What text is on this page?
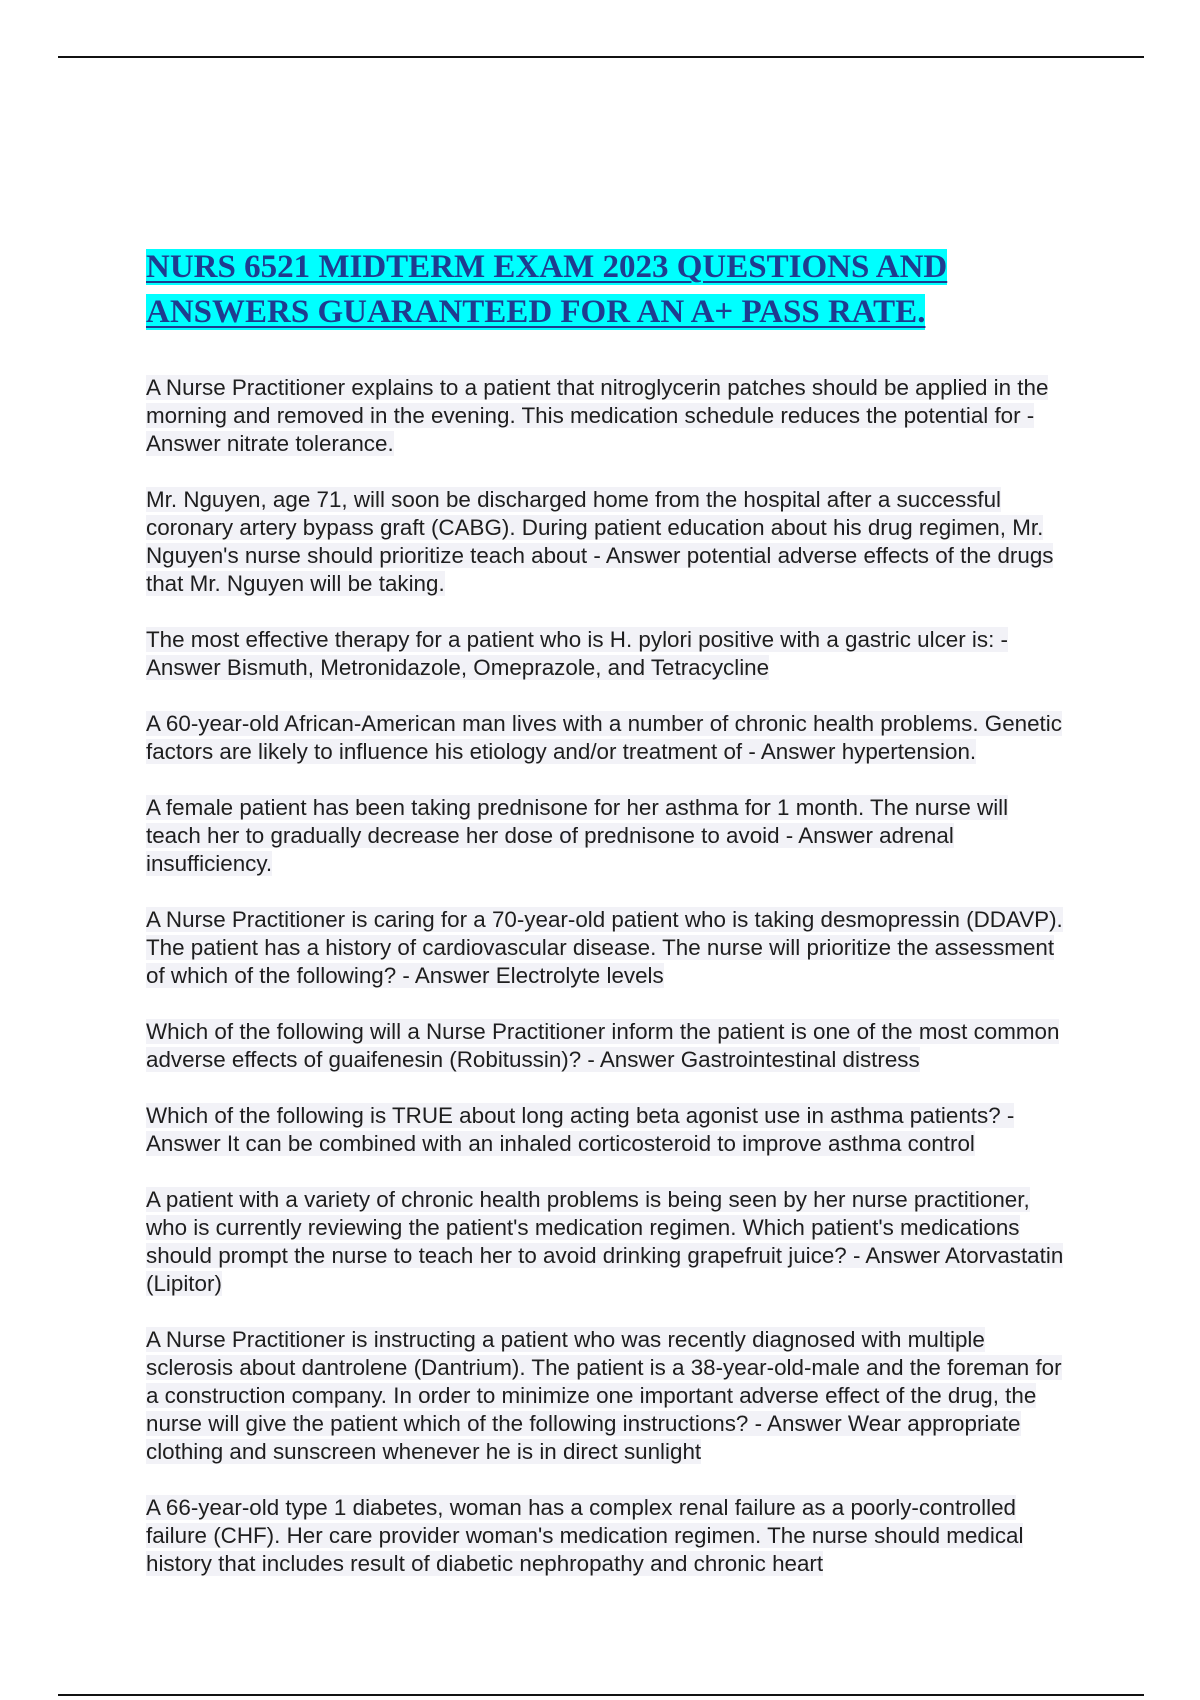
NURS 6521 MIDTERM EXAM 2023 QUESTIONS AND
ANSWERS GUARANTEED FOR AN A+ PASS RATE.
A Nurse Practitioner explains to a patient that nitroglycerin patches should be applied in the morning and removed in the evening. This medication schedule reduces the potential for - Answer nitrate tolerance.
Mr. Nguyen, age 71, will soon be discharged home from the hospital after a successful coronary artery bypass graft (CABG). During patient education about his drug regimen, Mr. Nguyen's nurse should prioritize teach about - Answer potential adverse effects of the drugs that Mr. Nguyen will be taking.
The most effective therapy for a patient who is H. pylori positive with a gastric ulcer is: - Answer Bismuth, Metronidazole, Omeprazole, and Tetracycline
A 60-year-old African-American man lives with a number of chronic health problems. Genetic factors are likely to influence his etiology and/or treatment of - Answer hypertension.
A female patient has been taking prednisone for her asthma for 1 month. The nurse will teach her to gradually decrease her dose of prednisone to avoid - Answer adrenal insufficiency.
A Nurse Practitioner is caring for a 70-year-old patient who is taking desmopressin (DDAVP). The patient has a history of cardiovascular disease. The nurse will prioritize the assessment of which of the following? - Answer Electrolyte levels
Which of the following will a Nurse Practitioner inform the patient is one of the most common adverse effects of guaifenesin (Robitussin)? - Answer Gastrointestinal distress
Which of the following is TRUE about long acting beta agonist use in asthma patients? - Answer It can be combined with an inhaled corticosteroid to improve asthma control
A patient with a variety of chronic health problems is being seen by her nurse practitioner, who is currently reviewing the patient's medication regimen. Which patient's medications should prompt the nurse to teach her to avoid drinking grapefruit juice? - Answer Atorvastatin (Lipitor)
A Nurse Practitioner is instructing a patient who was recently diagnosed with multiple sclerosis about dantrolene (Dantrium). The patient is a 38-year-old-male and the foreman for a construction company. In order to minimize one important adverse effect of the drug, the nurse will give the patient which of the following instructions? - Answer Wear appropriate clothing and sunscreen whenever he is in direct sunlight
A 66-year-old type 1 diabetes, woman has a complex renal failure as a poorly-controlled failure (CHF). Her care provider woman's medication regimen. The nurse should medical history that includes result of diabetic nephropathy and chronic heart
